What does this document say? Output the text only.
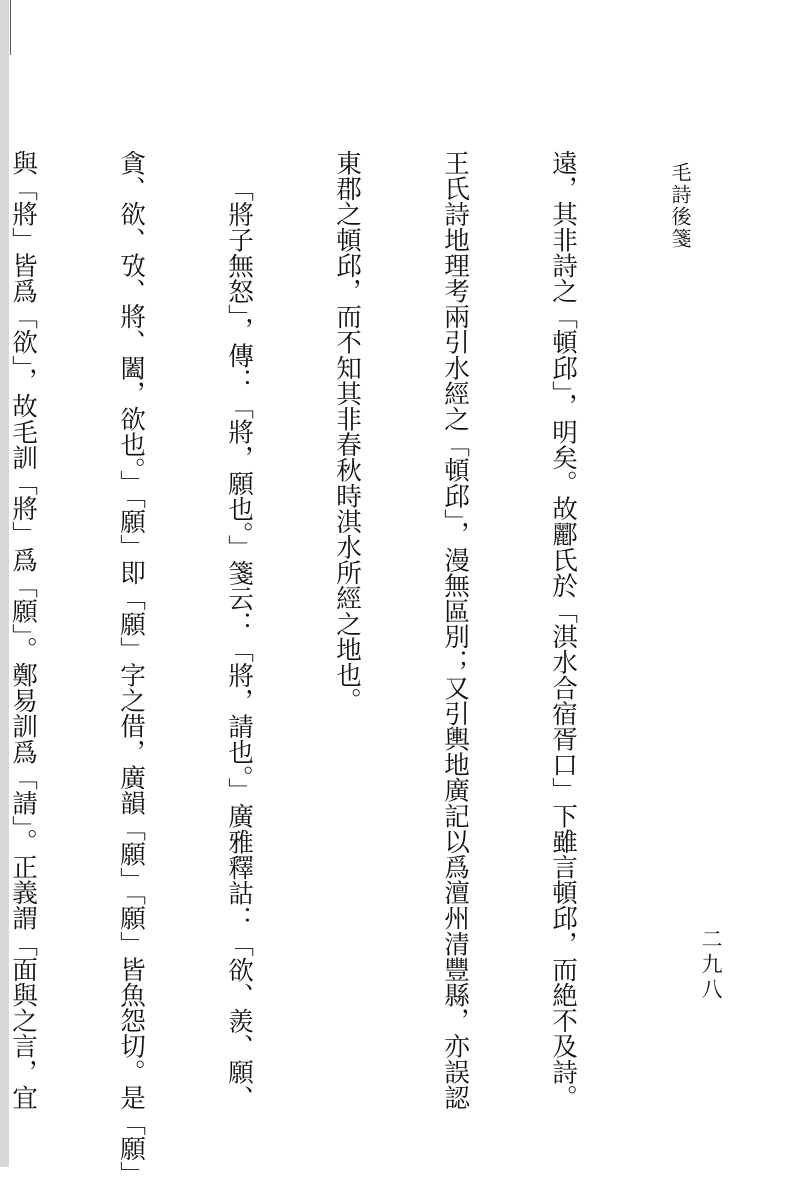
毛詩後箋

遠，其非詩之「頓邱」，明矣。故酈氏於「淇水合宿胥口」下雖言頓邱，而絶不及詩。

王氏詩地理考兩引水經之「頓邱」，漫無區別；又引輿地廣記以爲澶州清豐縣，亦誤認

東郡之頓邱，而不知其非春秋時淇水所經之地也。

「將子無怒」，傳：「將，願也。」箋云：「將，請也。」廣雅釋詁：「欲、羨、願、

貪、欲、攷、將、闔，欲也。」「願」即「願」字之借，廣韻「願」「願」皆魚怨切。是「願」

與「將」皆爲「欲」，故毛訓「將」爲「願」。鄭易訓爲「請」。正義謂「面與之言，宜

	二九八
